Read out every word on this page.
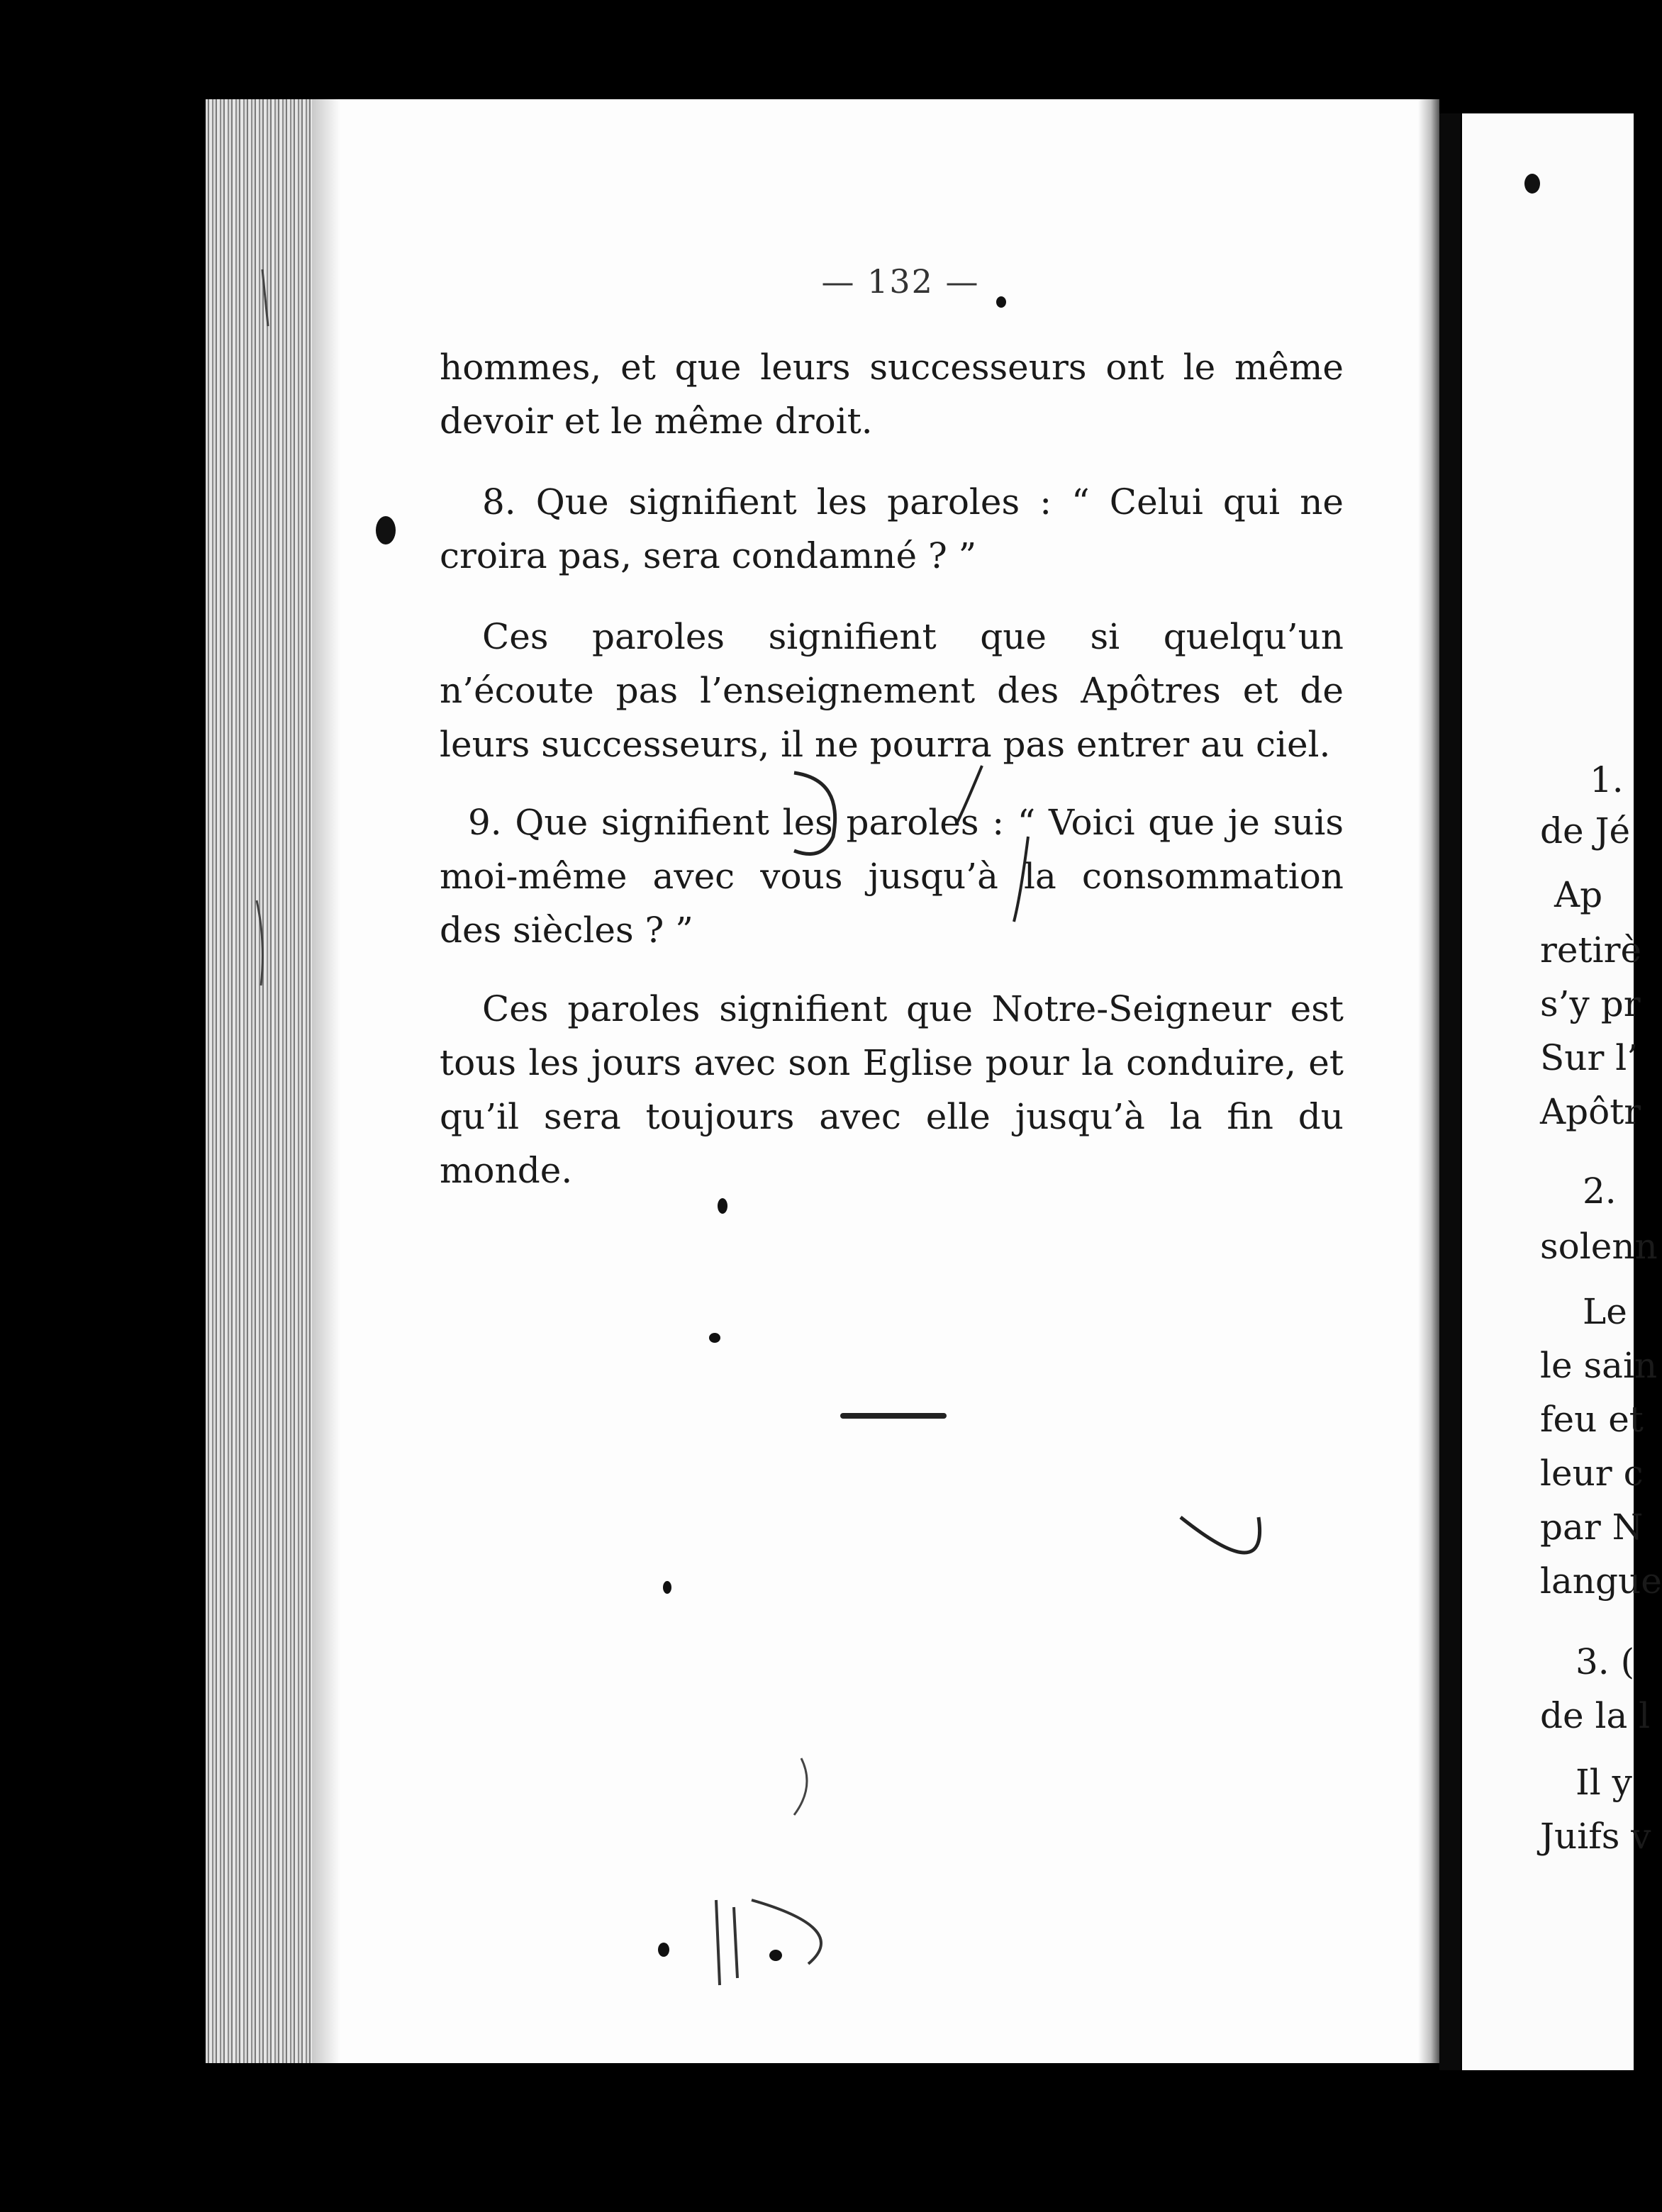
— 132 —

hommes, et que leurs successeurs ont le même devoir et le même droit.

8. Que signifient les paroles : “ Celui qui ne croira pas, sera condamné ? ”

Ces paroles signifient que si quelqu’un n’écoute pas l’enseignement des Apôtres et de leurs successeurs, il ne pourra pas entrer au ciel.

9. Que signifient les paroles : “ Voici que je suis moi-même avec vous jusqu’à la consommation des siècles ? ”

Ces paroles signifient que Notre-Seigneur est tous les jours avec son Eglise pour la conduire, et qu’il sera toujours avec elle jusqu’à la fin du monde.

1.

de Jé

Ap

retirè

s’y pr

Sur l’

Apôtr

2.

solenn

Le

le sain

feu et

leur c

par N

langue

3. (

de la l

Il y

Juifs v
